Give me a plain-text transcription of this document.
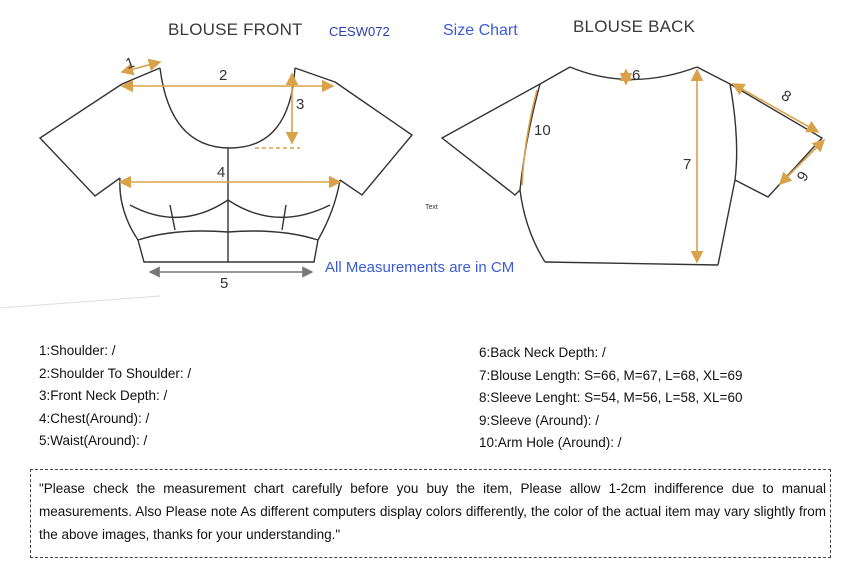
BLOUSE FRONT CESW072	Size Chart	BLOUSE BACK
All Measurements are in CM
Text
1
2
3
4
5
6
7
8
9
10
1:Shoulder: /
2:Shoulder To Shoulder: /
3:Front Neck Depth: /
4:Chest(Around): /
5:Waist(Around): /
6:Back Neck Depth: /
7:Blouse Length: S=66, M=67, L=68, XL=69
8:Sleeve Lenght: S=54, M=56, L=58, XL=60
9:Sleeve (Around): /
10:Arm Hole (Around): /
"Please check the measurement chart carefully before you buy the item, Please allow 1-2cm indifference due to manual measurements. Also Please note As different computers display colors differently, the color of the actual item may vary slightly from the above images, thanks for your understanding."
